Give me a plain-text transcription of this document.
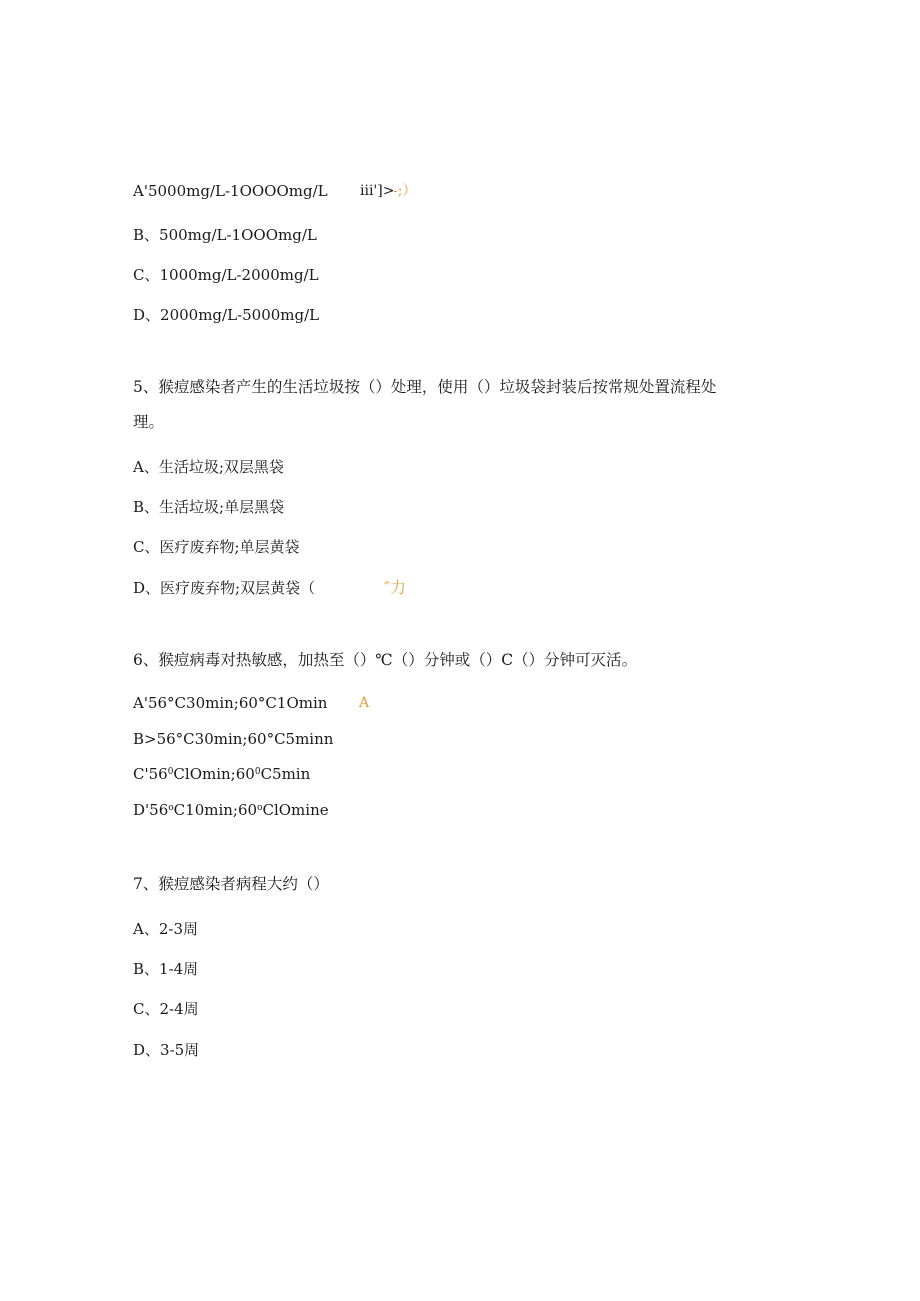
A'5000mg/L-1OOOOmg/L iii']>
-;）
B、500mg/L-1OOOmg/L
C、1000mg/L-2000mg/L
D、2000mg/L-5000mg/L
5、猴痘感染者产生的生活垃圾按（）处理，使用（）垃圾袋封装后按常规处置流程处
理。
A、生活垃圾;双层黑袋
B、生活垃圾;单层黑袋
C、医疗废弃物;单层黄袋
D、医疗废弃物;双层黄袋（	″力
6、猴痘病毒对热敏感，加热至（）℃（）分钟或（）C（）分钟可灭活。
A'56°C30min;60°C1Omin A
B>56°C30min;60°C5minn
$C'56^0ClOmin;60^0C5\min$
D'56$^o$C10min;60$^o$ClOmine
7、猴痘感染者病程大约（）
A、2-3周
B、1-4周
C、2-4周
D、3-5周
